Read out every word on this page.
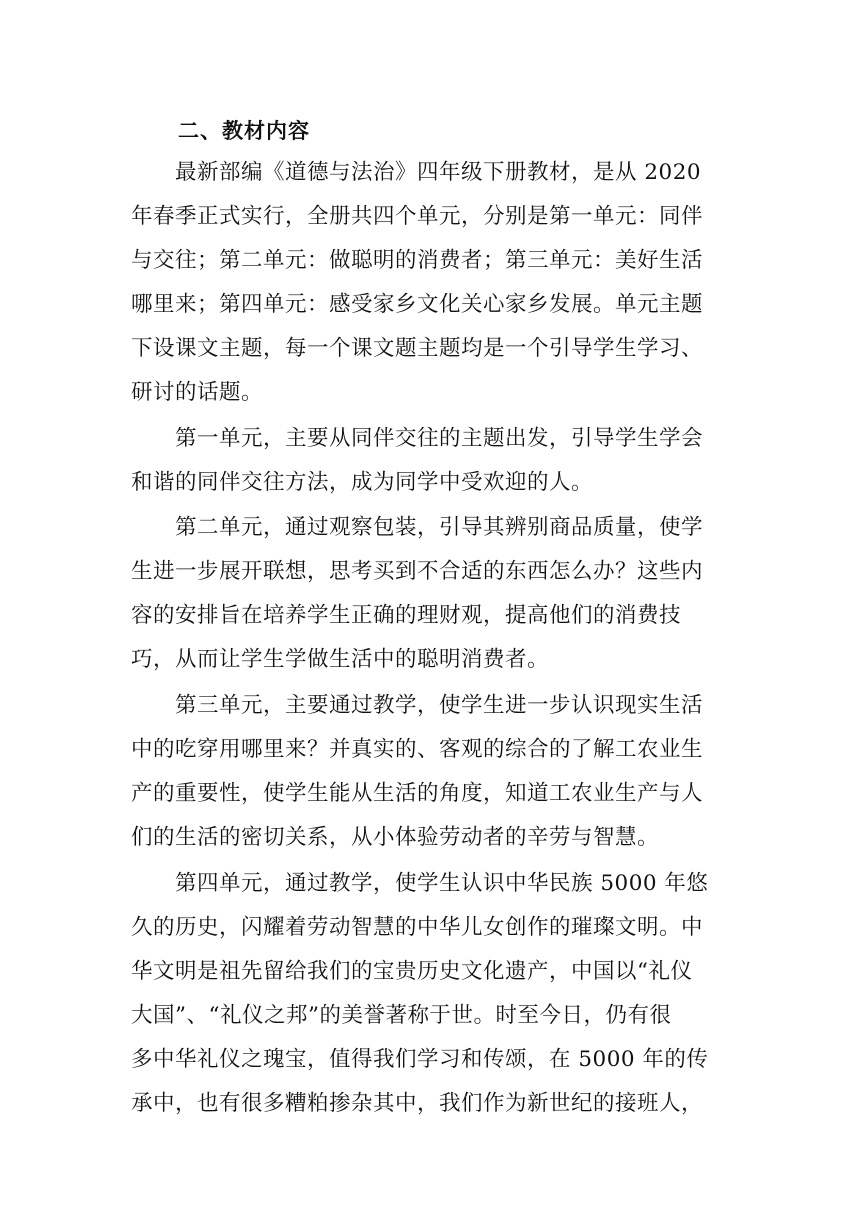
二、教材内容
　　最新部编《道德与法治》四年级下册教材，是从 2020
年春季正式实行，全册共四个单元，分别是第一单元：同伴
与交往；第二单元：做聪明的消费者；第三单元：美好生活
哪里来；第四单元：感受家乡文化关心家乡发展。单元主题
下设课文主题，每一个课文题主题均是一个引导学生学习、
研讨的话题。
　　第一单元，主要从同伴交往的主题出发，引导学生学会
和谐的同伴交往方法，成为同学中受欢迎的人。
　　第二单元，通过观察包装，引导其辨别商品质量，使学
生进一步展开联想，思考买到不合适的东西怎么办？这些内
容的安排旨在培养学生正确的理财观，提高他们的消费技
巧，从而让学生学做生活中的聪明消费者。
　　第三单元，主要通过教学，使学生进一步认识现实生活
中的吃穿用哪里来？并真实的、客观的综合的了解工农业生
产的重要性，使学生能从生活的角度，知道工农业生产与人
们的生活的密切关系，从小体验劳动者的辛劳与智慧。
　　第四单元，通过教学，使学生认识中华民族 5000 年悠
久的历史，闪耀着劳动智慧的中华儿女创作的璀璨文明。中
华文明是祖先留给我们的宝贵历史文化遗产，中国以“礼仪
大国”、“礼仪之邦”的美誉著称于世。时至今日，仍有很
多中华礼仪之瑰宝，值得我们学习和传颂，在 5000 年的传
承中，也有很多糟粕掺杂其中，我们作为新世纪的接班人，
